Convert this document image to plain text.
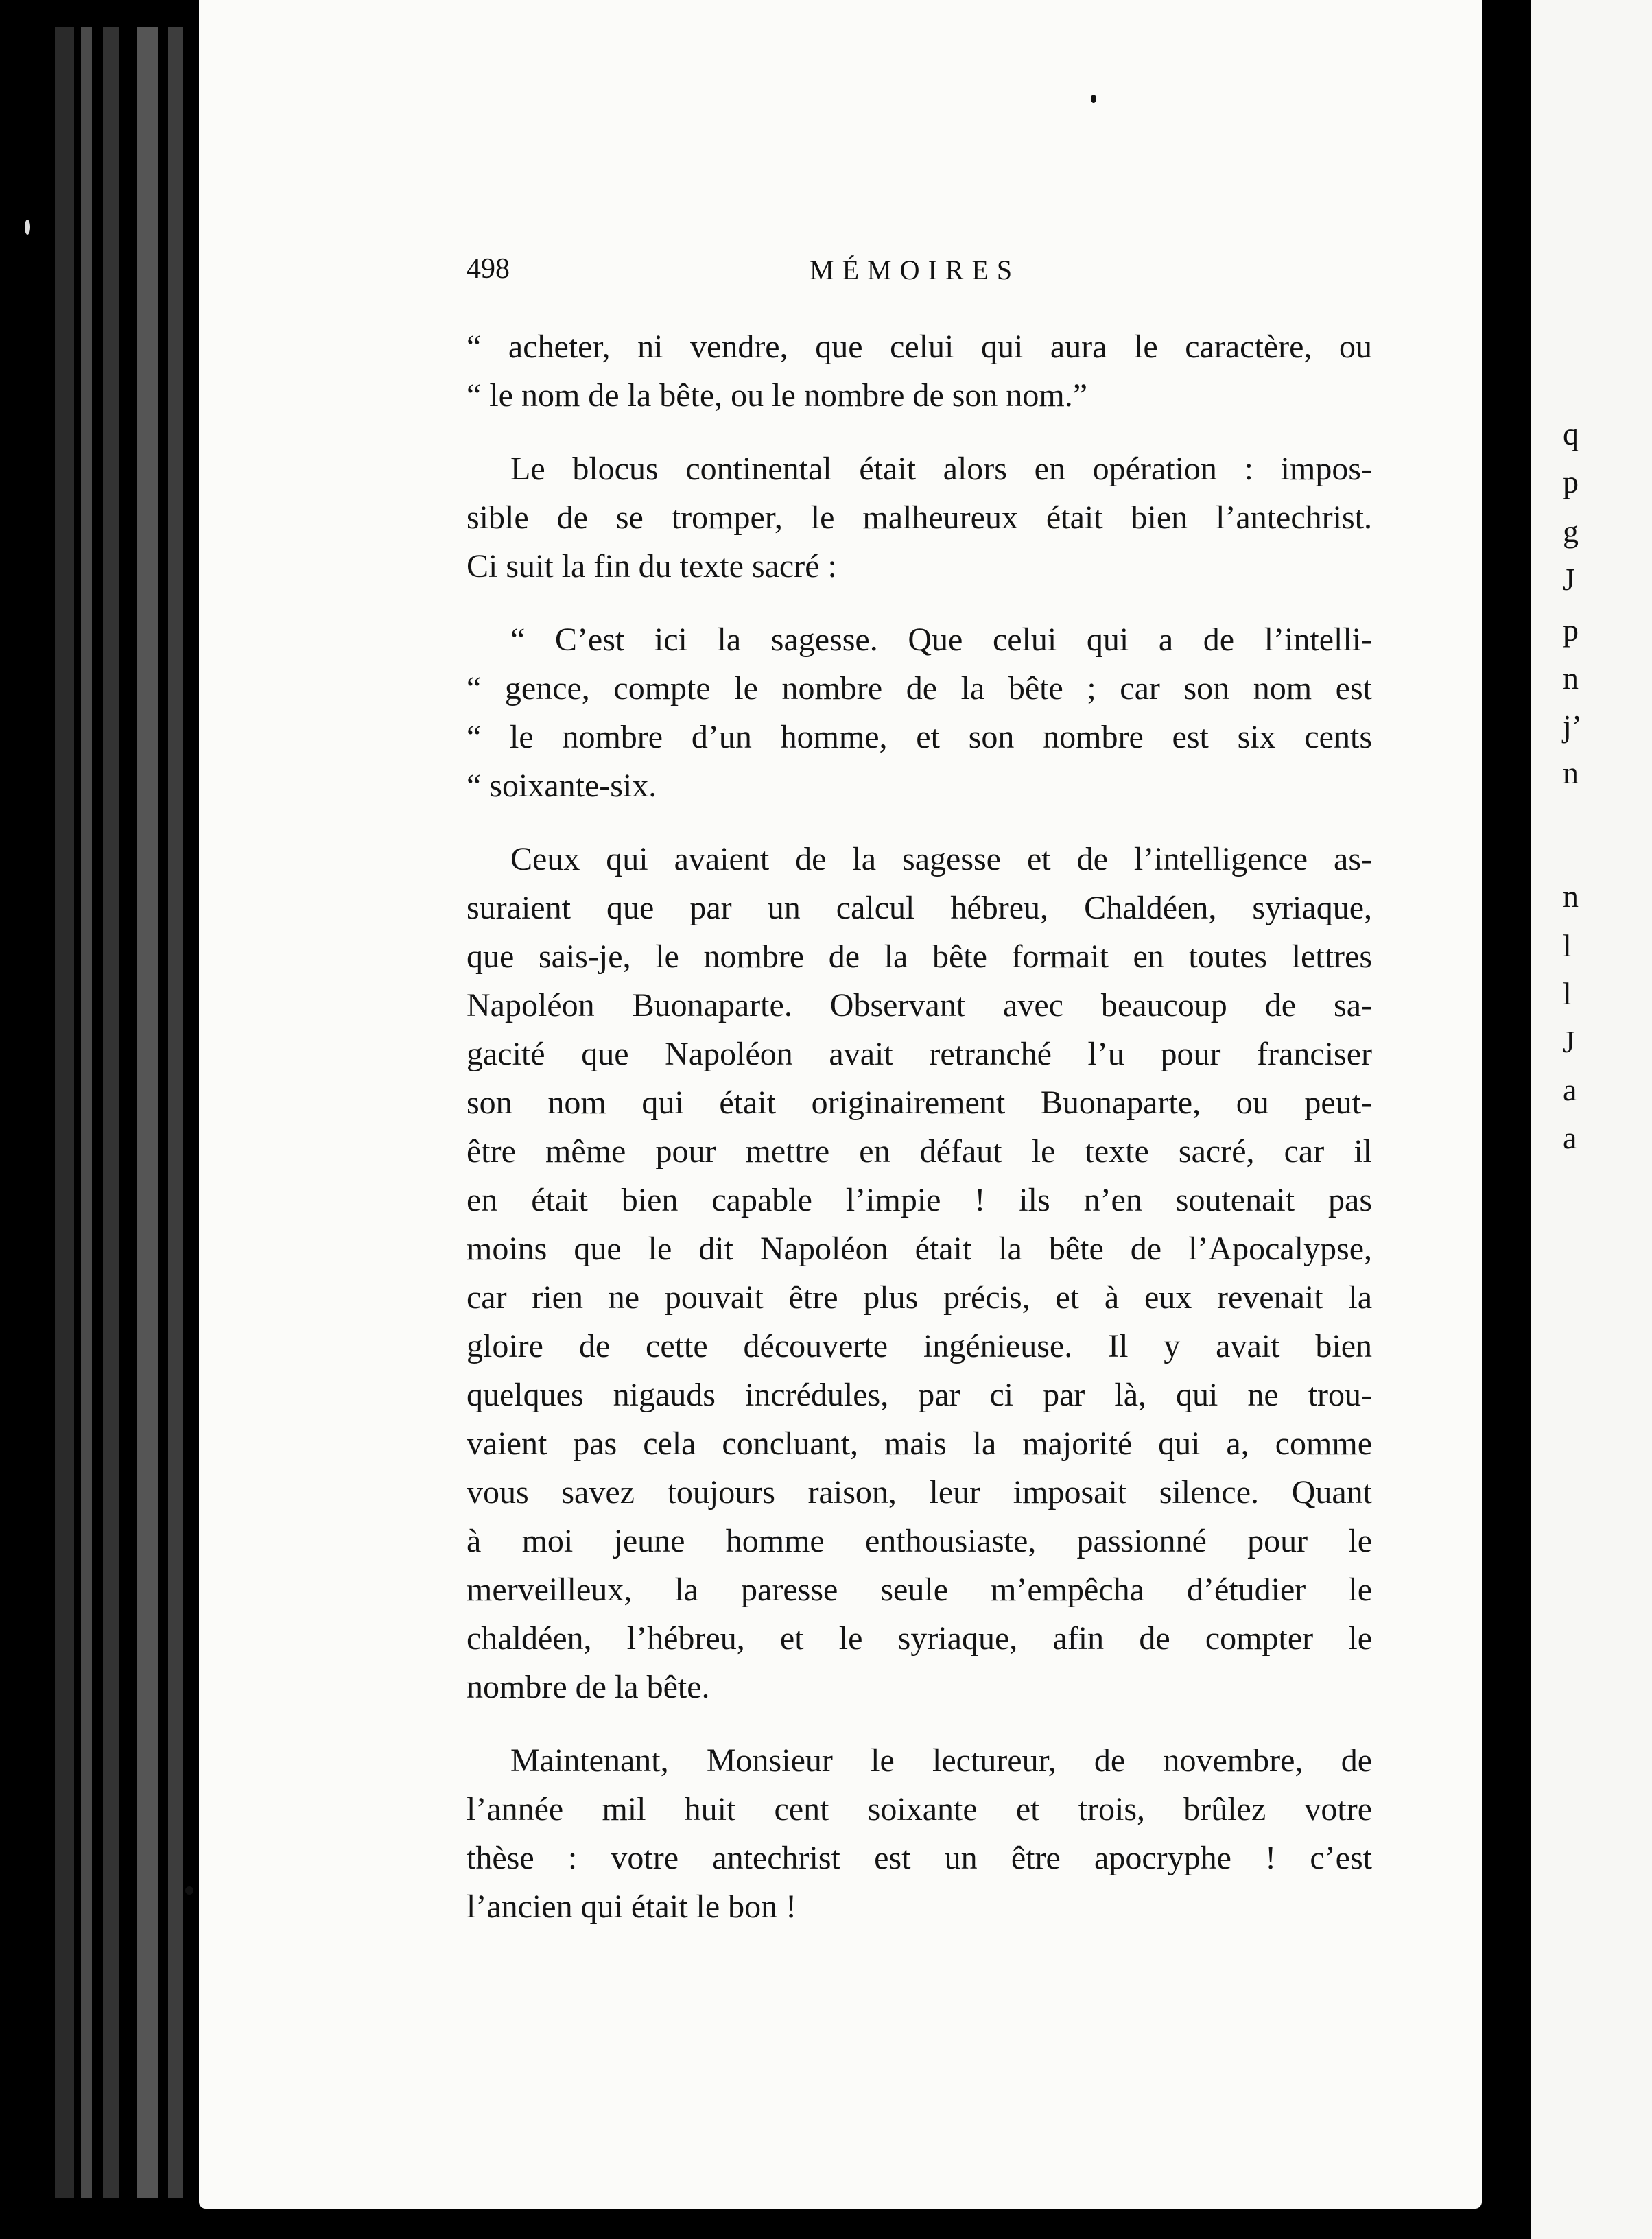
q
p
g
J
p
n
j’
n
n
l
l
J
a
a
498	MÉMOIRES
“ acheter, ni vendre, que celui qui aura le caractère, ou
“ le nom de la bête, ou le nombre de son nom.”
Le blocus continental était alors en opération : impos-
sible de se tromper, le malheureux était bien l’antechrist.
Ci suit la fin du texte sacré :
“ C’est ici la sagesse. Que celui qui a de l’intelli-
“ gence, compte le nombre de la bête ; car son nom est
“ le nombre d’un homme, et son nombre est six cents
“ soixante-six.
Ceux qui avaient de la sagesse et de l’intelligence as-
suraient que par un calcul hébreu, Chaldéen, syriaque,
que sais-je, le nombre de la bête formait en toutes lettres
Napoléon Buonaparte. Observant avec beaucoup de sa-
gacité que Napoléon avait retranché l’u pour franciser
son nom qui était originairement Buonaparte, ou peut-
être même pour mettre en défaut le texte sacré, car il
en était bien capable l’impie ! ils n’en soutenait pas
moins que le dit Napoléon était la bête de l’Apocalypse,
car rien ne pouvait être plus précis, et à eux revenait la
gloire de cette découverte ingénieuse. Il y avait bien
quelques nigauds incrédules, par ci par là, qui ne trou-
vaient pas cela concluant, mais la majorité qui a, comme
vous savez toujours raison, leur imposait silence. Quant
à moi jeune homme enthousiaste, passionné pour le
merveilleux, la paresse seule m’empêcha d’étudier le
chaldéen, l’hébreu, et le syriaque, afin de compter le
nombre de la bête.
Maintenant, Monsieur le lectureur, de novembre, de
l’année mil huit cent soixante et trois, brûlez votre
thèse : votre antechrist est un être apocryphe ! c’est
l’ancien qui était le bon !
